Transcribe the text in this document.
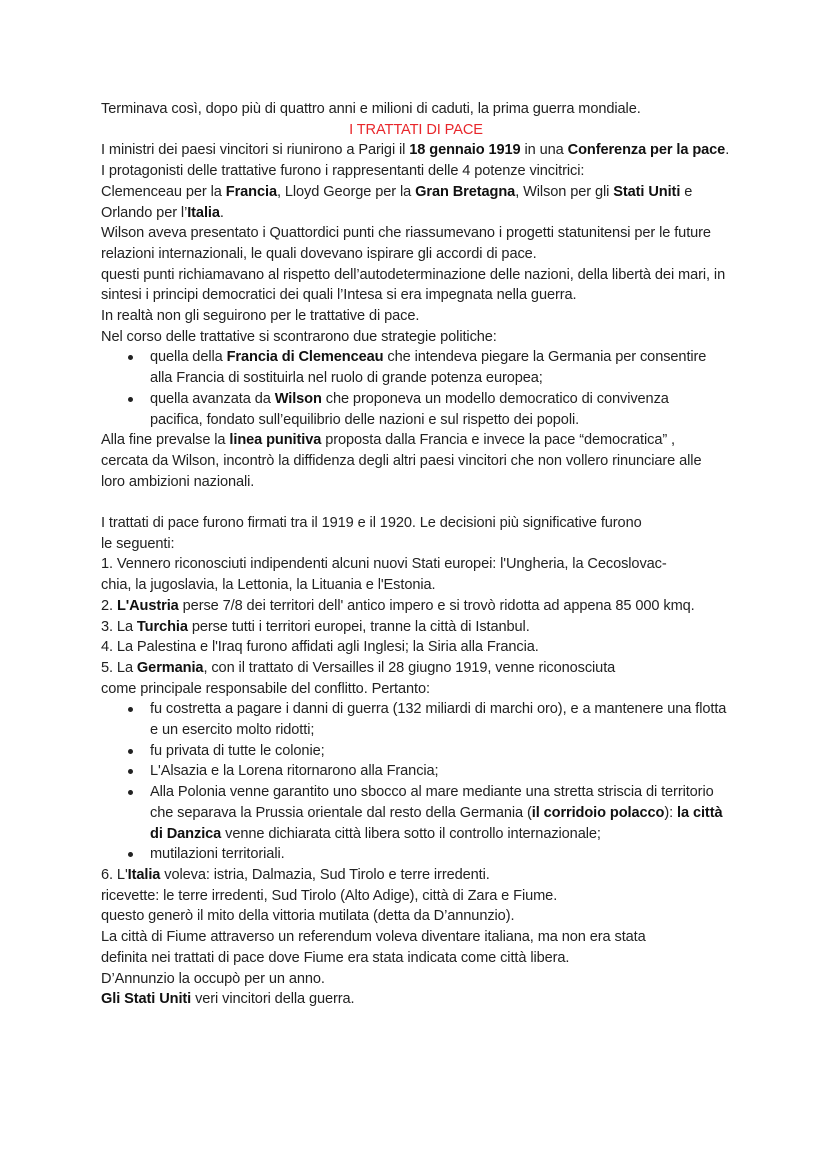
Terminava così, dopo più di quattro anni e milioni di caduti, la prima guerra mondiale.

I TRATTATI DI PACE

I ministri dei paesi vincitori si riunirono a Parigi il 18 gennaio 1919 in una Conferenza per la pace.

I protagonisti delle trattative furono i rappresentanti delle 4 potenze vincitrici:

Clemenceau per la Francia, Lloyd George per la Gran Bretagna, Wilson per gli Stati Uniti e Orlando per l’Italia.

Wilson aveva presentato i Quattordici punti che riassumevano i progetti statunitensi per le future relazioni internazionali, le quali dovevano ispirare gli accordi di pace.

questi punti richiamavano al rispetto dell’autodeterminazione delle nazioni, della libertà dei mari, in sintesi i principi democratici dei quali l’Intesa si era impegnata nella guerra.

In realtà non gli seguirono per le trattative di pace.

Nel corso delle trattative si scontrarono due strategie politiche:

quella della Francia di Clemenceau che intendeva piegare la Germania per consentire alla Francia di sostituirla nel ruolo di grande potenza europea;
quella avanzata da Wilson che proponeva un modello democratico di convivenza pacifica, fondato sull’equilibrio delle nazioni e sul rispetto dei popoli.

Alla fine prevalse la linea punitiva proposta dalla Francia e invece la pace “democratica” , cercata da Wilson, incontrò la diffidenza degli altri paesi vincitori che non vollero rinunciare alle loro ambizioni nazionali.

I trattati di pace furono firmati tra il 1919 e il 1920. Le decisioni più significative furono
le seguenti:

1. Vennero riconosciuti indipendenti alcuni nuovi Stati europei: l'Ungheria, la Cecoslovac-
chia, la jugoslavia, la Lettonia, la Lituania e l'Estonia.

2. L'Austria perse 7/8 dei territori dell' antico impero e si trovò ridotta ad appena 85 000 kmq.

3. La Turchia perse tutti i territori europei, tranne la città di Istanbul.

4. La Palestina e l'Iraq furono affidati agli Inglesi; la Siria alla Francia.

5. La Germania, con il trattato di Versailles il 28 giugno 1919, venne riconosciuta
come principale responsabile del conflitto. Pertanto:

fu costretta a pagare i danni di guerra (132 miliardi di marchi oro), e a mantenere una flotta e un esercito molto ridotti;
fu privata di tutte le colonie;
L'Alsazia e la Lorena ritornarono alla Francia;
Alla Polonia venne garantito uno sbocco al mare mediante una stretta striscia di territorio che separava la Prussia orientale dal resto della Germania (il corridoio polacco): la città di Danzica venne dichiarata città libera sotto il controllo internazionale;
mutilazioni territoriali.

6. L'Italia voleva: istria, Dalmazia, Sud Tirolo e terre irredenti.

ricevette: le terre irredenti, Sud Tirolo (Alto Adige), città di Zara e Fiume.

questo generò il mito della vittoria mutilata (detta da D’annunzio).

La città di Fiume attraverso un referendum voleva diventare italiana, ma non era stata
definita nei trattati di pace dove Fiume era stata indicata come città libera.

D’Annunzio la occupò per un anno.

Gli Stati Uniti veri vincitori della guerra.
